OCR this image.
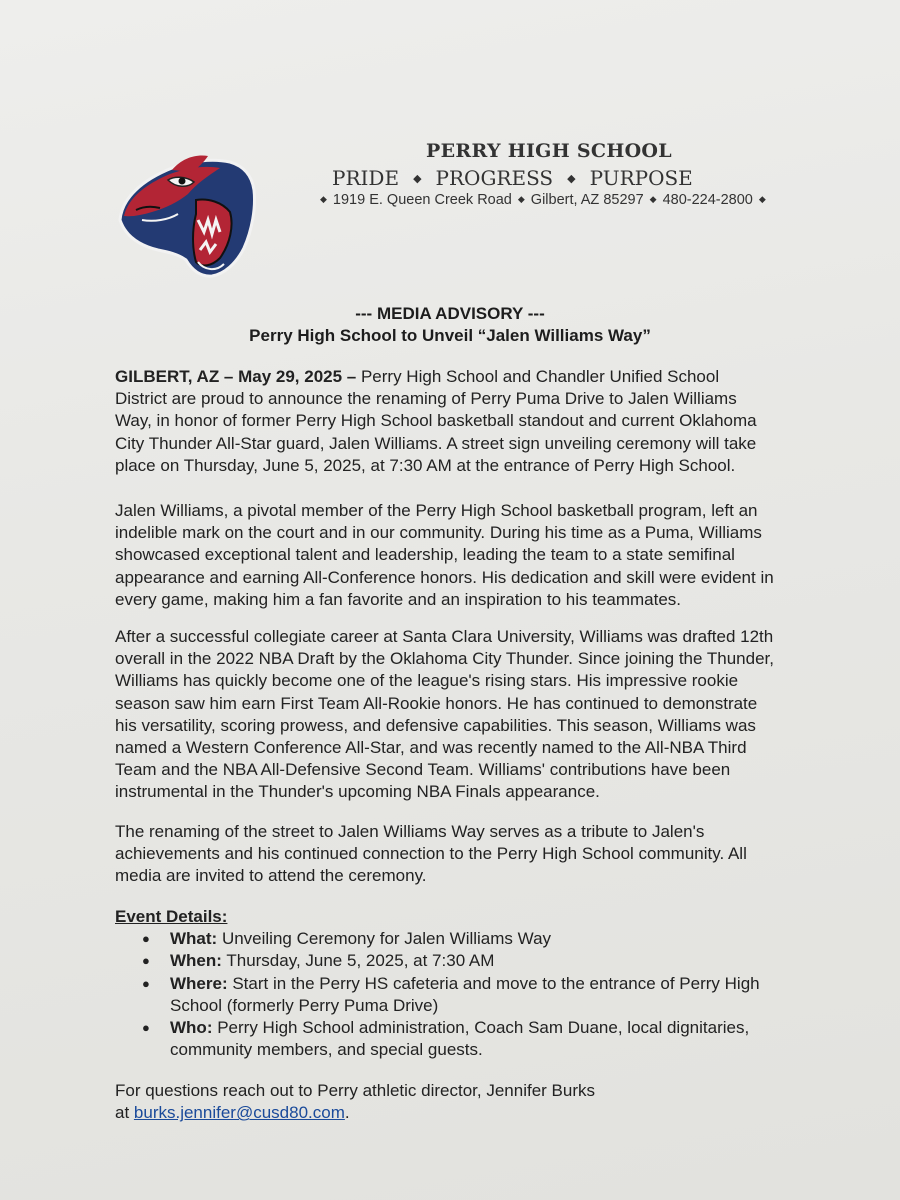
PERRY HIGH SCHOOL
PRIDE ◆ PROGRESS ◆ PURPOSE
◆ 1919 E. Queen Creek Road ◆ Gilbert, AZ 85297 ◆ 480-224-2800 ◆
--- MEDIA ADVISORY ---
Perry High School to Unveil “Jalen Williams Way”
GILBERT, AZ – May 29, 2025 – Perry High School and Chandler Unified School
District are proud to announce the renaming of Perry Puma Drive to Jalen Williams
Way, in honor of former Perry High School basketball standout and current Oklahoma
City Thunder All-Star guard, Jalen Williams. A street sign unveiling ceremony will take
place on Thursday, June 5, 2025, at 7:30 AM at the entrance of Perry High School.
Jalen Williams, a pivotal member of the Perry High School basketball program, left an
indelible mark on the court and in our community. During his time as a Puma, Williams
showcased exceptional talent and leadership, leading the team to a state semifinal
appearance and earning All-Conference honors. His dedication and skill were evident in
every game, making him a fan favorite and an inspiration to his teammates.
After a successful collegiate career at Santa Clara University, Williams was drafted 12th
overall in the 2022 NBA Draft by the Oklahoma City Thunder. Since joining the Thunder,
Williams has quickly become one of the league's rising stars. His impressive rookie
season saw him earn First Team All-Rookie honors. He has continued to demonstrate
his versatility, scoring prowess, and defensive capabilities. This season, Williams was
named a Western Conference All-Star, and was recently named to the All-NBA Third
Team and the NBA All-Defensive Second Team. Williams' contributions have been
instrumental in the Thunder's upcoming NBA Finals appearance.
The renaming of the street to Jalen Williams Way serves as a tribute to Jalen's
achievements and his continued connection to the Perry High School community. All
media are invited to attend the ceremony.
Event Details:
● What: Unveiling Ceremony for Jalen Williams Way
● When: Thursday, June 5, 2025, at 7:30 AM
● Where: Start in the Perry HS cafeteria and move to the entrance of Perry High
School (formerly Perry Puma Drive)
● Who: Perry High School administration, Coach Sam Duane, local dignitaries,
community members, and special guests.
For questions reach out to Perry athletic director, Jennifer Burks
at burks.jennifer@cusd80.com.
